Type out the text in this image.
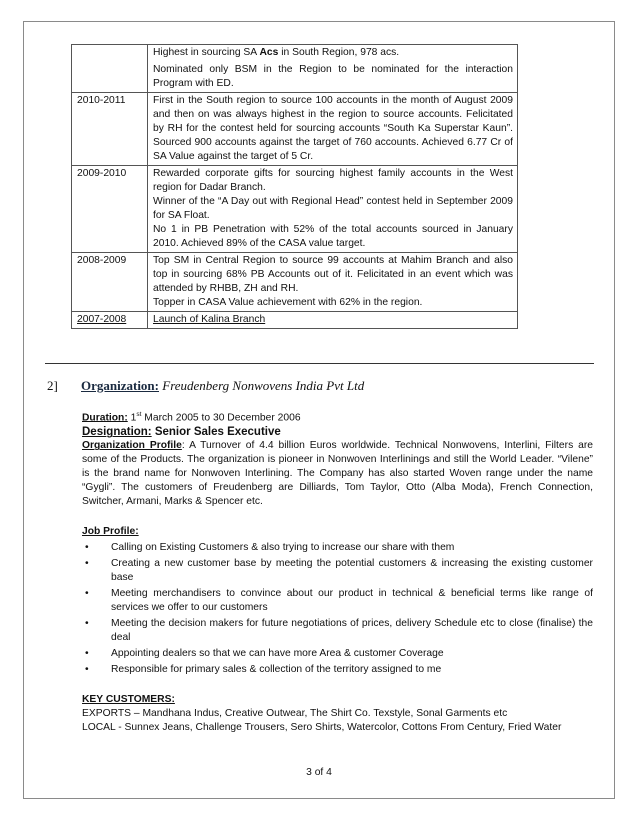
	Highest in sourcing SA Acs in South Region, 978 acs.
Nominated only BSM in the Region to be nominated for the interaction Program with ED.

2010-2011	First in the South region to source 100 accounts in the month of August 2009 and then on was always highest in the region to source accounts. Felicitated by RH for the contest held for sourcing accounts “South Ka Superstar Kaun”. Sourced 900 accounts against the target of 760 accounts. Achieved 6.77 Cr of SA Value against the target of 5 Cr.

2009-2010	Rewarded corporate gifts for sourcing highest family accounts in the West region for Dadar Branch.
Winner of the “A Day out with Regional Head” contest held in September 2009 for SA Float.
No 1 in PB Penetration with 52% of the total accounts sourced in January 2010. Achieved 89% of the CASA value target.

2008-2009	Top SM in Central Region to source 99 accounts at Mahim Branch and also top in sourcing 68% PB Accounts out of it. Felicitated in an event which was attended by RHBB, ZH and RH.
Topper in CASA Value achievement with 62% in the region.

2007-2008	Launch of Kalina Branch
2] Organization: Freudenberg Nonwovens India Pvt Ltd

Duration: 1st March 2005 to 30 December 2006

Designation: Senior Sales Executive

Organization Profile: A Turnover of 4.4 billion Euros worldwide. Technical Nonwovens, Interlini, Filters are some of the Products. The organization is pioneer in Nonwoven Interlinings and still the World Leader. “Vilene” is the brand name for Nonwoven Interlining. The Company has also started Woven range under the name “Gygli”. The customers of Freudenberg are Dilliards, Tom Taylor, Otto (Alba Moda), French Connection, Switcher, Armani, Marks & Spencer etc.

Job Profile:

• Calling on Existing Customers & also trying to increase our share with them
• Creating a new customer base by meeting the potential customers & increasing the existing customer base
• Meeting merchandisers to convince about our product in technical & beneficial terms like range of services we offer to our customers
• Meeting the decision makers for future negotiations of prices, delivery Schedule etc to close (finalise) the deal
• Appointing dealers so that we can have more Area & customer Coverage
• Responsible for primary sales & collection of the territory assigned to me

KEY CUSTOMERS:

EXPORTS – Mandhana Indus, Creative Outwear, The Shirt Co. Texstyle, Sonal Garments etc

LOCAL - Sunnex Jeans, Challenge Trousers, Sero Shirts, Watercolor, Cottons From Century, Fried Water

3 of 4
